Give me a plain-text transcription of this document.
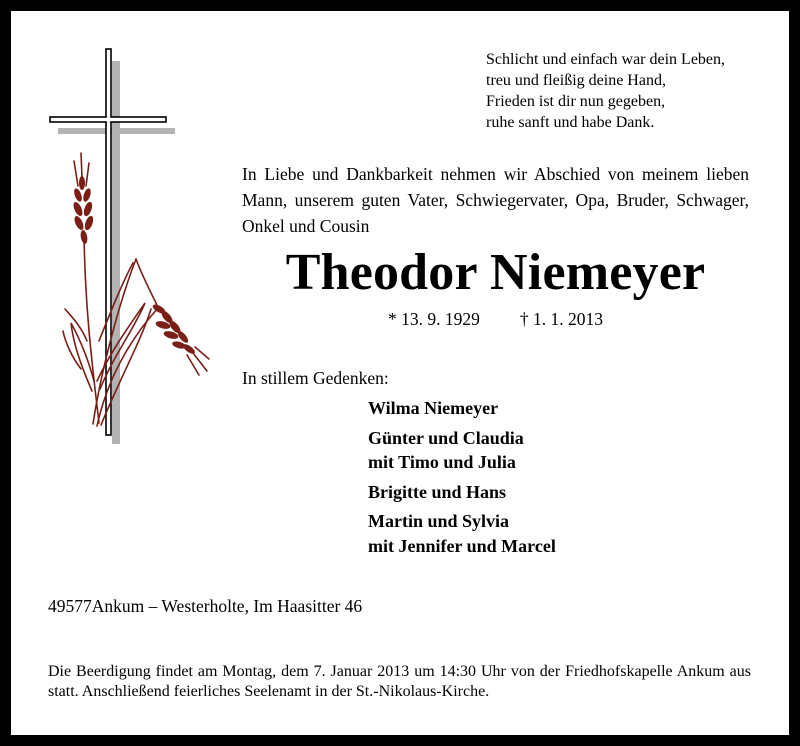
Schlicht und einfach war dein Leben,
treu und fleißig deine Hand,
Frieden ist dir nun gegeben,
ruhe sanft und habe Dank.
In Liebe und Dankbarkeit nehmen wir Abschied von meinem lieben Mann, unserem guten Vater, Schwiegervater, Opa, Bruder, Schwager, Onkel und Cousin
Theodor Niemeyer
* 13. 9. 1929 † 1. 1. 2013
In stillem Gedenken:
Wilma Niemeyer
Günter und Claudia
mit Timo und Julia
Brigitte und Hans
Martin und Sylvia
mit Jennifer und Marcel
49577Ankum – Westerholte, Im Haasitter 46
Die Beerdigung findet am Montag, dem 7. Januar 2013 um 14:30 Uhr von der Friedhofskapelle Ankum aus statt. Anschließend feierliches Seelenamt in der St.-Nikolaus-Kirche.
